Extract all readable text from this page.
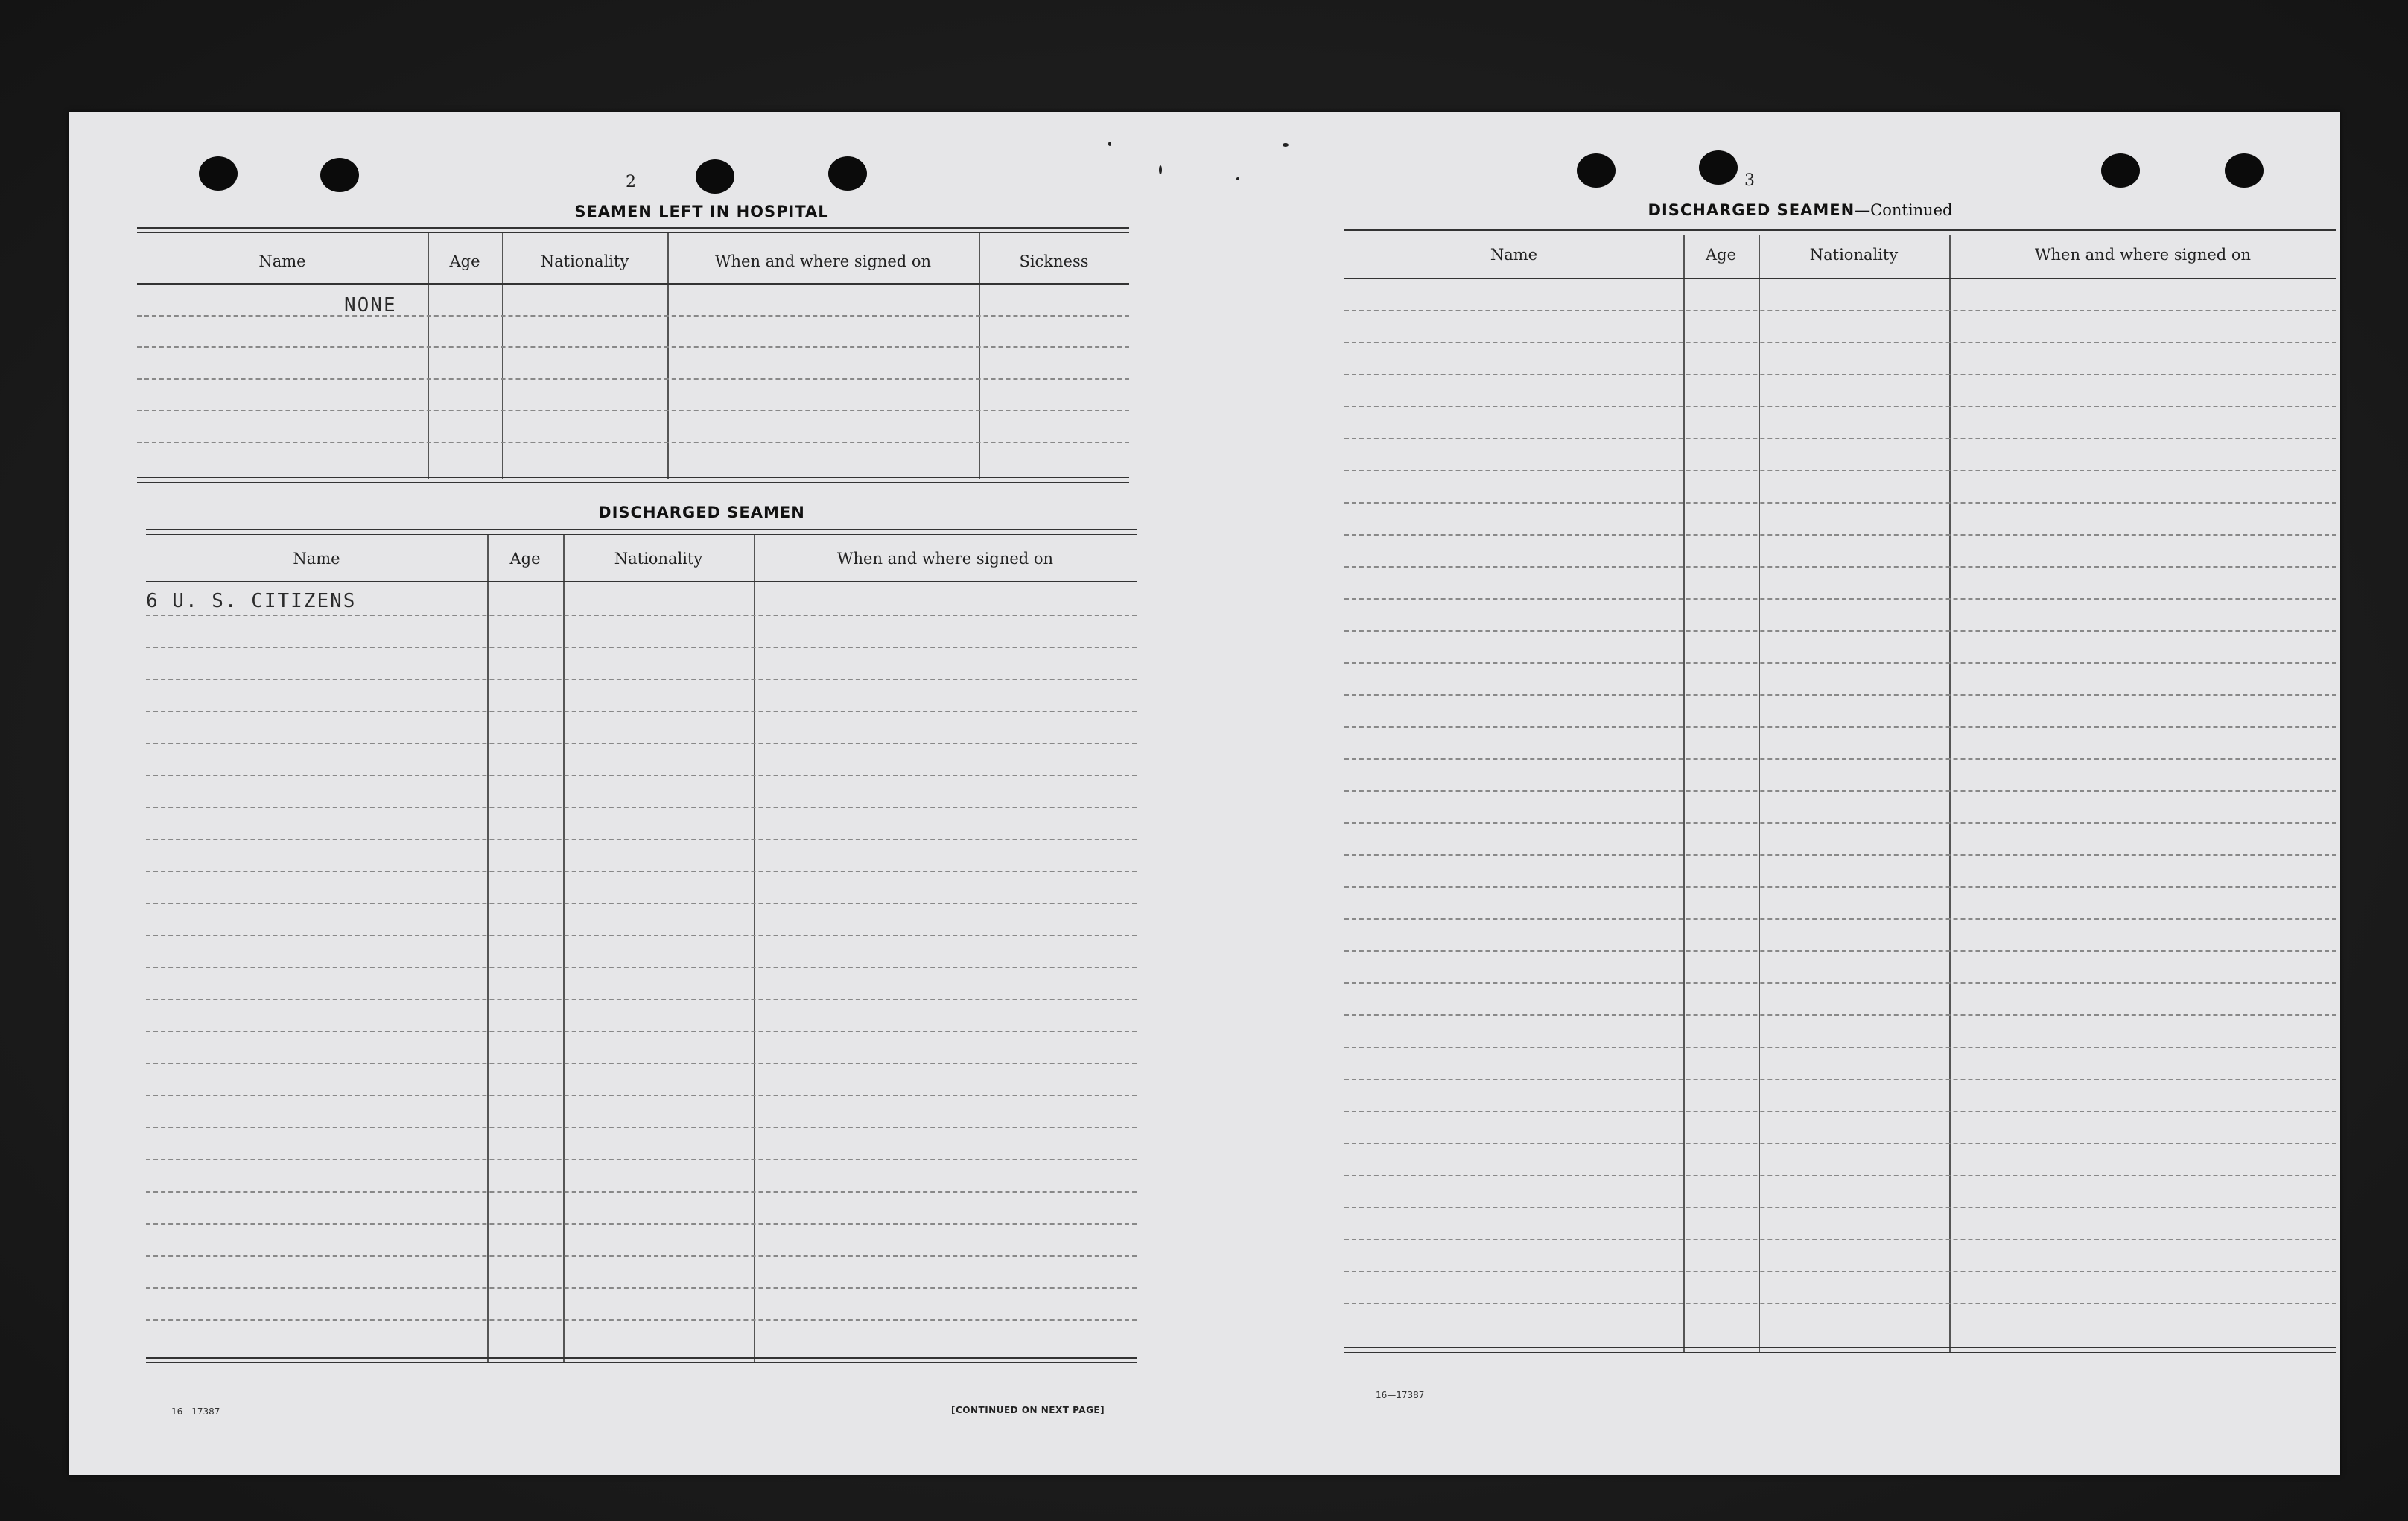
2
SEAMEN LEFT IN HOSPITAL
Name	Age	Nationality	When and where signed on	Sickness
NONE
DISCHARGED SEAMEN
Name	Age	Nationality	When and where signed on
6 U. S. CITIZENS
16—17387	[CONTINUED ON NEXT PAGE]
3
DISCHARGED SEAMEN—Continued
Name	Age	Nationality	When and where signed on
16—17387
